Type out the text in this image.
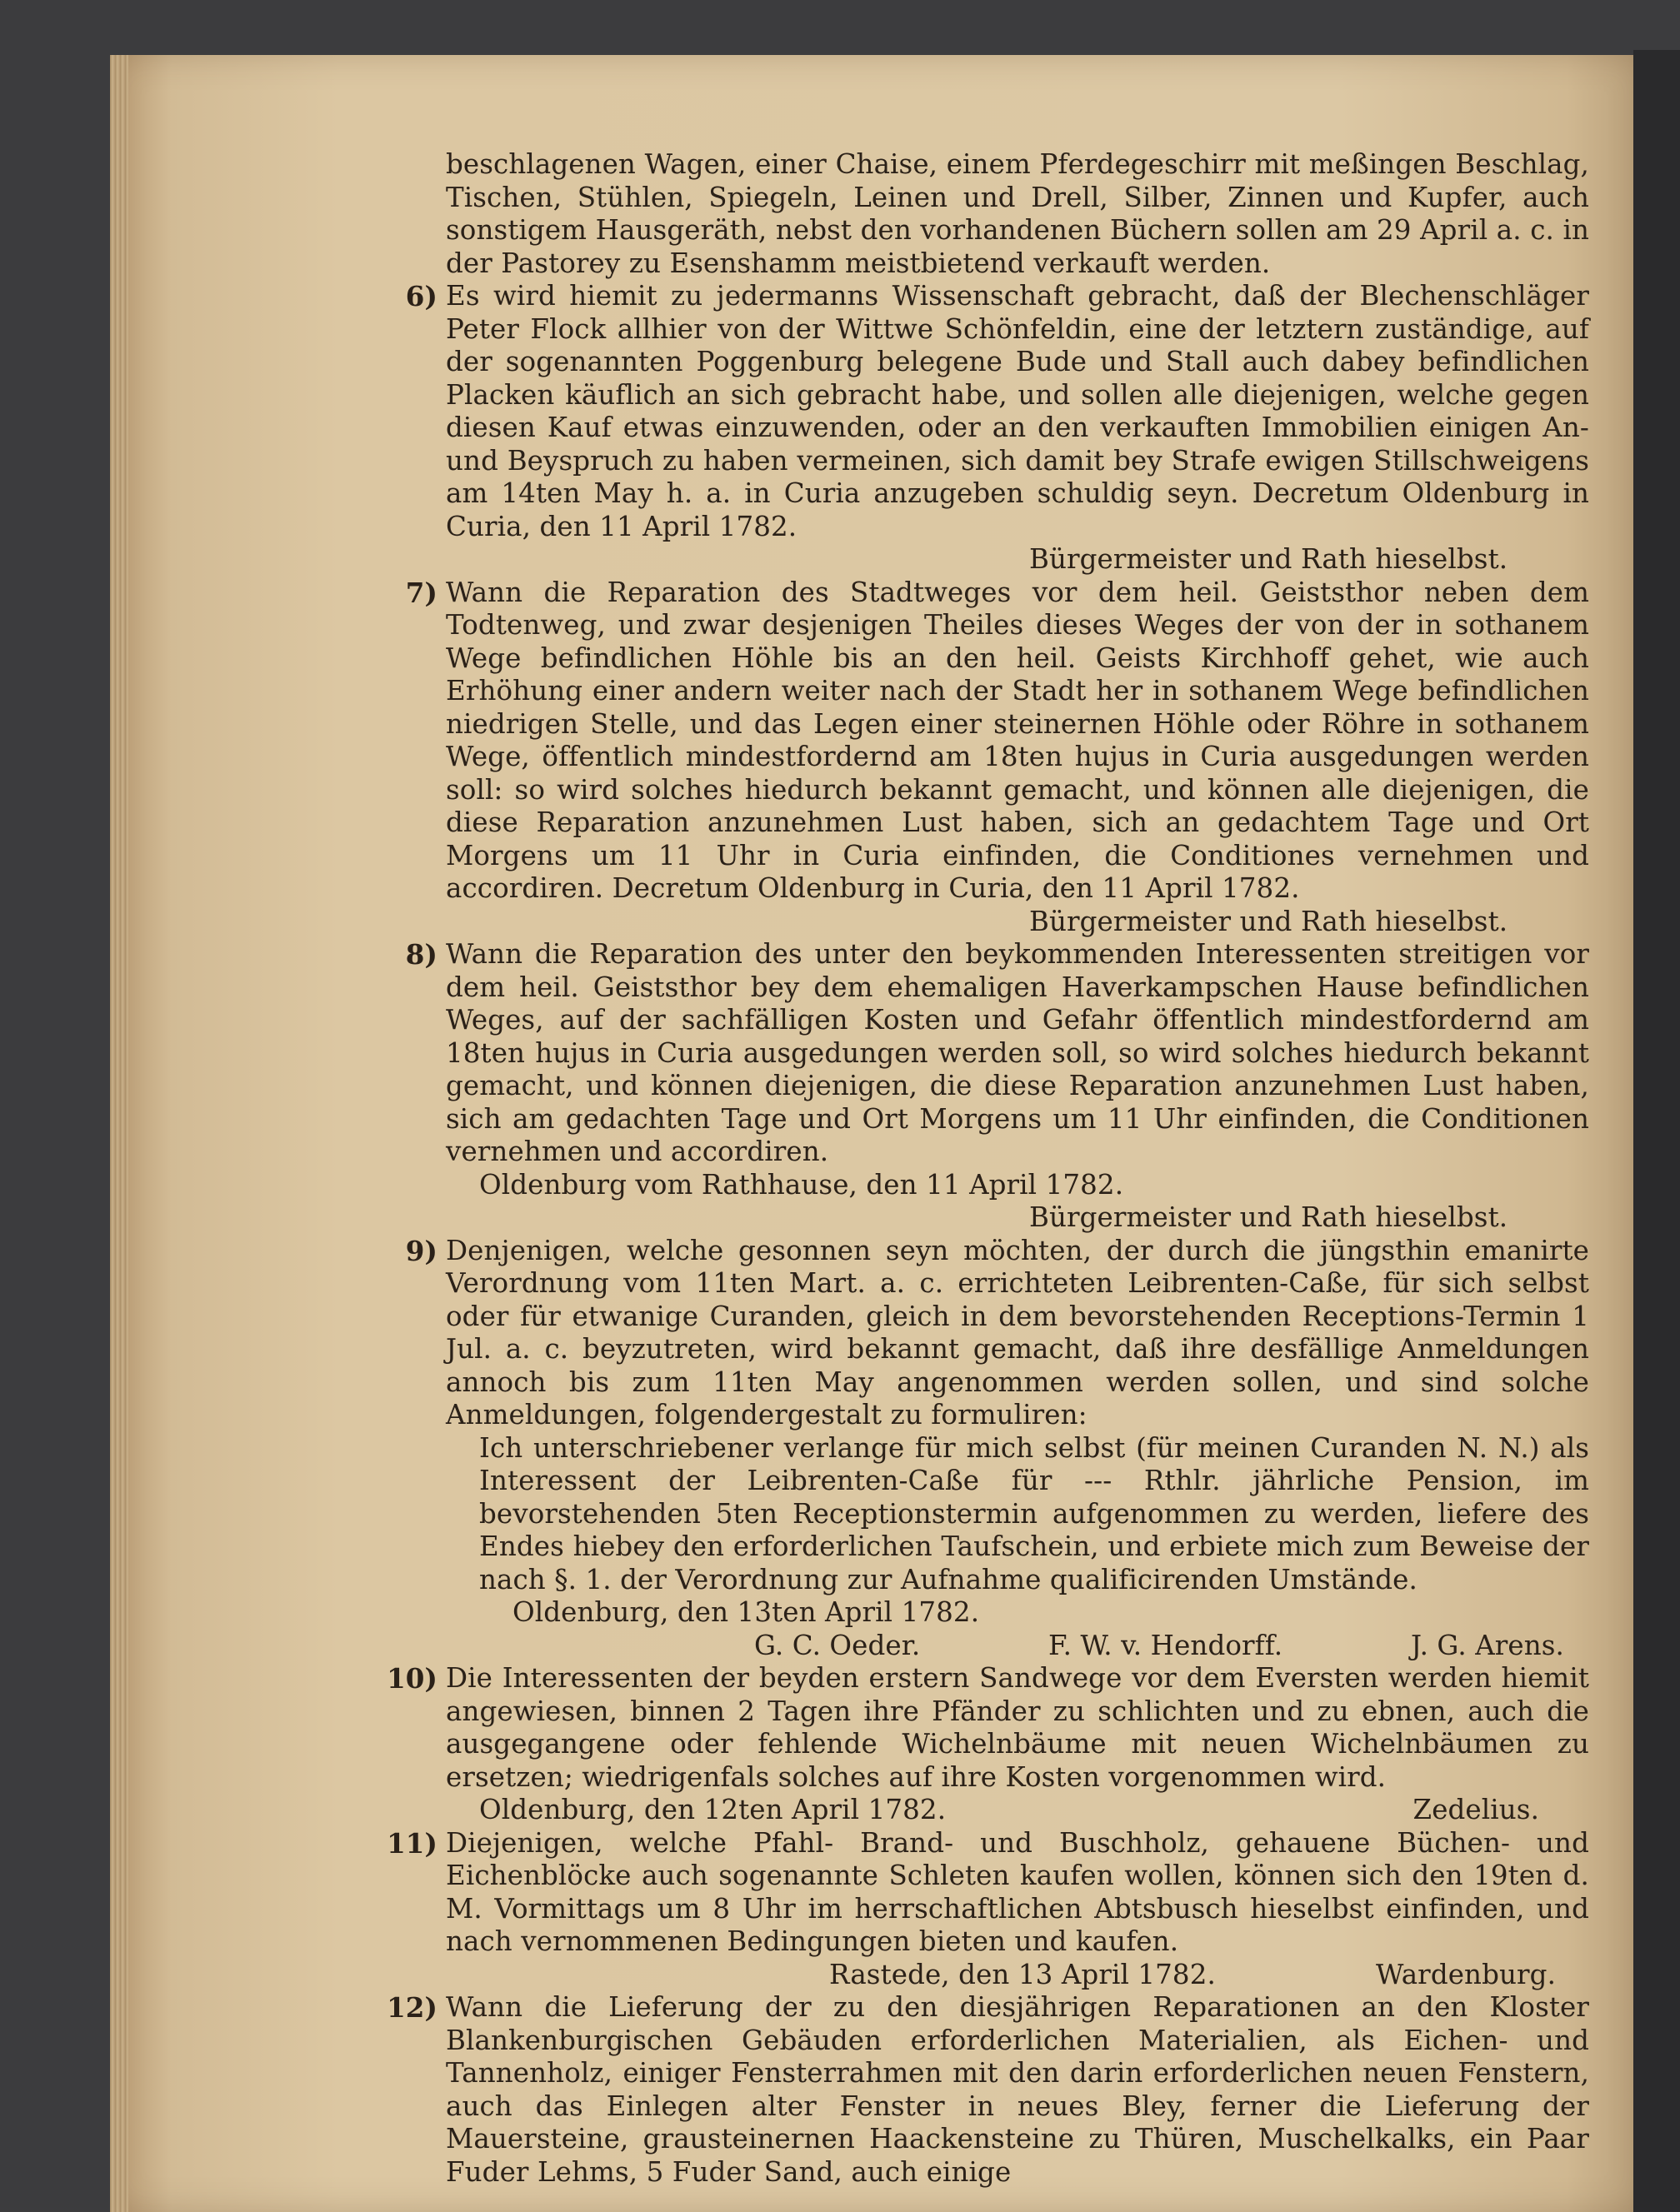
beschlagenen Wagen, einer Chaise, einem Pferdegeschirr mit meßingen Beschlag, Tischen, Stühlen, Spiegeln, Leinen und Drell, Silber, Zinnen und Kupfer, auch sonstigem Hausgeräth, nebst den vorhandenen Büchern sollen am 29 April a. c. in der Pastorey zu Esenshamm meistbietend verkauft werden.

6) Es wird hiemit zu jedermanns Wissenschaft gebracht, daß der Blechenschläger Peter Flock allhier von der Wittwe Schönfeldin, eine der letztern zuständige, auf der sogenannten Poggenburg belegene Bude und Stall auch dabey befindlichen Placken käuflich an sich gebracht habe, und sollen alle diejenigen, welche gegen diesen Kauf etwas einzuwenden, oder an den verkauften Immobilien einigen An- und Beyspruch zu haben vermeinen, sich damit bey Strafe ewigen Stillschweigens am 14ten May h. a. in Curia anzugeben schuldig seyn. Decretum Oldenburg in Curia, den 11 April 1782.

Bürgermeister und Rath hieselbst.

7) Wann die Reparation des Stadtweges vor dem heil. Geiststhor neben dem Todtenweg, und zwar desjenigen Theiles dieses Weges der von der in sothanem Wege befindlichen Höhle bis an den heil. Geists Kirchhoff gehet, wie auch Erhöhung einer andern weiter nach der Stadt her in sothanem Wege befindlichen niedrigen Stelle, und das Legen einer steinernen Höhle oder Röhre in sothanem Wege, öffentlich mindestfordernd am 18ten hujus in Curia ausgedungen werden soll: so wird solches hiedurch bekannt gemacht, und können alle diejenigen, die diese Reparation anzunehmen Lust haben, sich an gedachtem Tage und Ort Morgens um 11 Uhr in Curia einfinden, die Conditiones vernehmen und accordiren. Decretum Oldenburg in Curia, den 11 April 1782.

Bürgermeister und Rath hieselbst.

8) Wann die Reparation des unter den beykommenden Interessenten streitigen vor dem heil. Geiststhor bey dem ehemaligen Haverkampschen Hause befindlichen Weges, auf der sachfälligen Kosten und Gefahr öffentlich mindestfordernd am 18ten hujus in Curia ausgedungen werden soll, so wird solches hiedurch bekannt gemacht, und können diejenigen, die diese Reparation anzunehmen Lust haben, sich am gedachten Tage und Ort Morgens um 11 Uhr einfinden, die Conditionen vernehmen und accordiren.

Oldenburg vom Rathhause, den 11 April 1782.

Bürgermeister und Rath hieselbst.

9) Denjenigen, welche gesonnen seyn möchten, der durch die jüngsthin emanirte Verordnung vom 11ten Mart. a. c. errichteten Leibrenten-Caße, für sich selbst oder für etwanige Curanden, gleich in dem bevorstehenden Receptions-Termin 1 Jul. a. c. beyzutreten, wird bekannt gemacht, daß ihre desfällige Anmeldungen annoch bis zum 11ten May angenommen werden sollen, und sind solche Anmeldungen, folgendergestalt zu formuliren:

Ich unterschriebener verlange für mich selbst (für meinen Curanden N. N.) als Interessent der Leibrenten-Caße für --- Rthlr. jährliche Pension, im bevorstehenden 5ten Receptionstermin aufgenommen zu werden, liefere des Endes hiebey den erforderlichen Taufschein, und erbiete mich zum Beweise der nach §. 1. der Verordnung zur Aufnahme qualificirenden Umstände.

Oldenburg, den 13ten April 1782.

G. C. Oeder.	F. W. v. Hendorff.	J. G. Arens.
10) Die Interessenten der beyden erstern Sandwege vor dem Eversten werden hiemit angewiesen, binnen 2 Tagen ihre Pfänder zu schlichten und zu ebnen, auch die ausgegangene oder fehlende Wichelnbäume mit neuen Wichelnbäumen zu ersetzen; wiedrigenfals solches auf ihre Kosten vorgenommen wird.

Oldenburg, den 12ten April 1782.	Zedelius.
11) Diejenigen, welche Pfahl- Brand- und Buschholz, gehauene Büchen- und Eichenblöcke auch sogenannte Schleten kaufen wollen, können sich den 19ten d. M. Vormittags um 8 Uhr im herrschaftlichen Abtsbusch hieselbst einfinden, und nach vernommenen Bedingungen bieten und kaufen.

Rastede, den 13 April 1782.	Wardenburg.
12) Wann die Lieferung der zu den diesjährigen Reparationen an den Kloster Blankenburgischen Gebäuden erforderlichen Materialien, als Eichen- und Tannenholz, einiger Fensterrahmen mit den darin erforderlichen neuen Fenstern, auch das Einlegen alter Fenster in neues Bley, ferner die Lieferung der Mauersteine, grausteinernen Haackensteine zu Thüren, Muschelkalks, ein Paar Fuder Lehms, 5 Fuder Sand, auch einige
